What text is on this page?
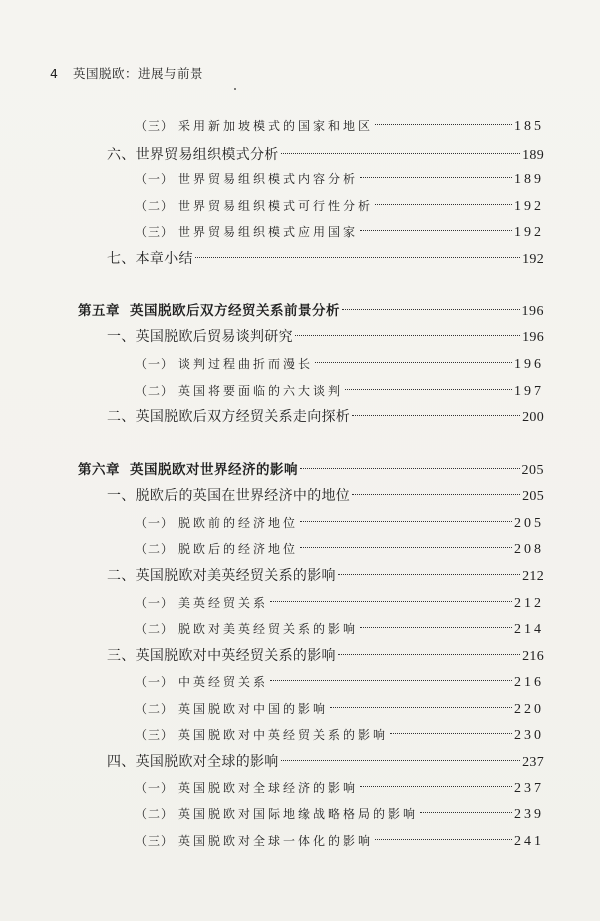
4 英国脱欧：进展与前景
（三） 采用新加坡模式的国家和地区	185
六、世界贸易组织模式分析	189
（一） 世界贸易组织模式内容分析	189
（二） 世界贸易组织模式可行性分析	192
（三） 世界贸易组织模式应用国家	192
七、本章小结	192
第五章 英国脱欧后双方经贸关系前景分析	196
一、英国脱欧后贸易谈判研究	196
（一） 谈判过程曲折而漫长	196
（二） 英国将要面临的六大谈判	197
二、英国脱欧后双方经贸关系走向探析	200
第六章 英国脱欧对世界经济的影响	205
一、脱欧后的英国在世界经济中的地位	205
（一） 脱欧前的经济地位	205
（二） 脱欧后的经济地位	208
二、英国脱欧对美英经贸关系的影响	212
（一） 美英经贸关系	212
（二） 脱欧对美英经贸关系的影响	214
三、英国脱欧对中英经贸关系的影响	216
（一） 中英经贸关系	216
（二） 英国脱欧对中国的影响	220
（三） 英国脱欧对中英经贸关系的影响	230
四、英国脱欧对全球的影响	237
（一） 英国脱欧对全球经济的影响	237
（二） 英国脱欧对国际地缘战略格局的影响	239
（三） 英国脱欧对全球一体化的影响	241
